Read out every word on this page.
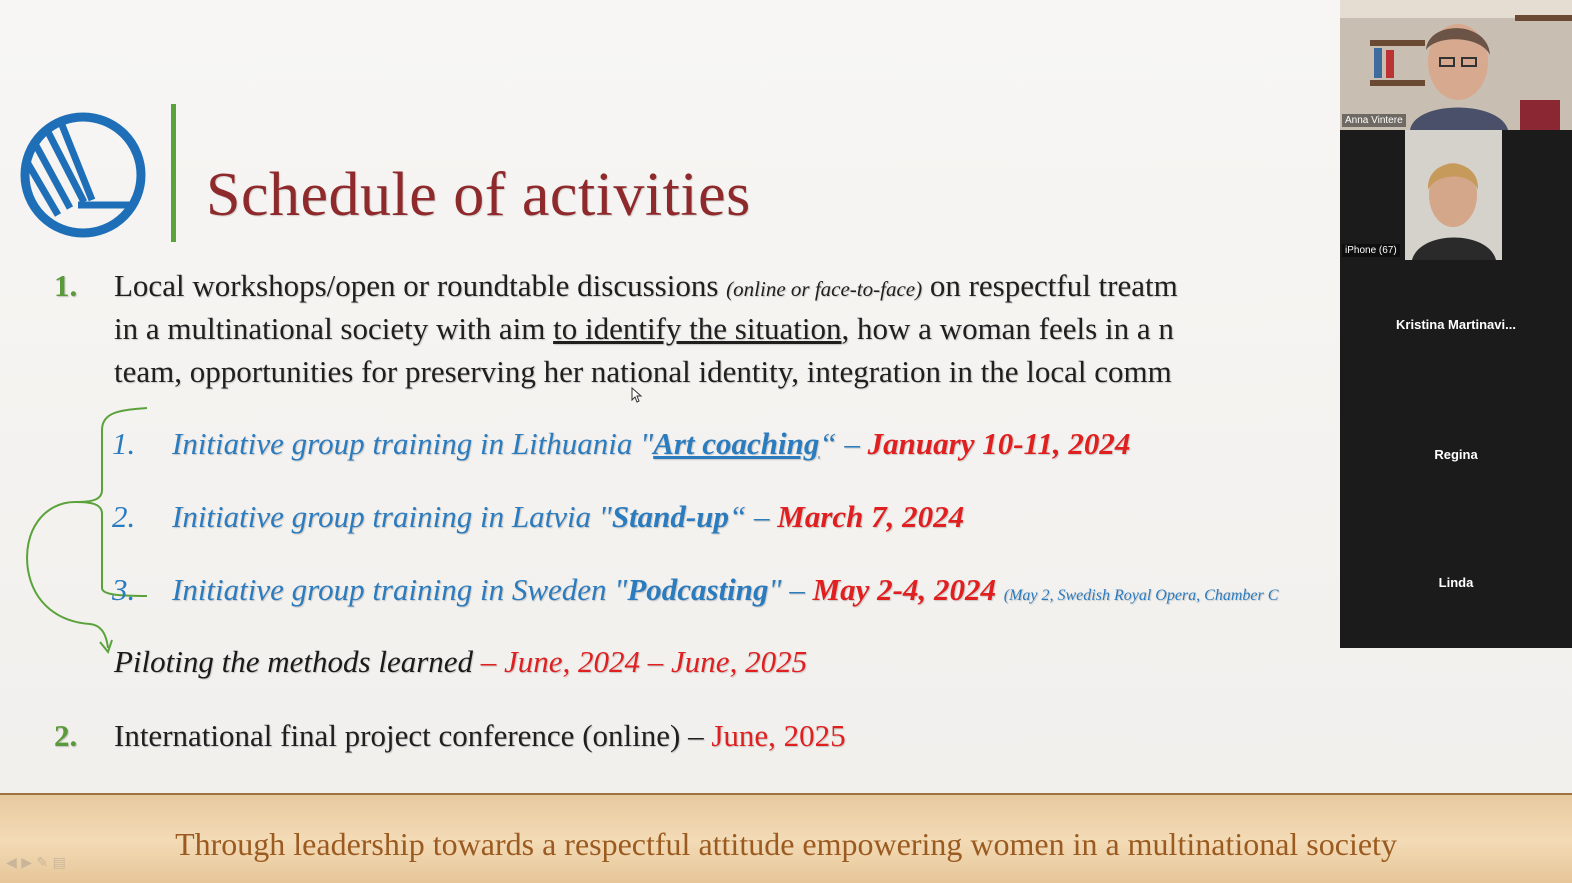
Schedule of activities
1. Local workshops/open or roundtable discussions (online or face-to-face) on respectful treatm
in a multinational society with aim to identify the situation, how a woman feels in a n
team, opportunities for preserving her national identity, integration in the local comm
1. Initiative group training in Lithuania "Art coaching“ – January 10-11, 2024
2. Initiative group training in Latvia "Stand-up“ – March 7, 2024
3. Initiative group training in Sweden "Podcasting" – May 2-4, 2024 (May 2, Swedish Royal Opera, Chamber C
Piloting the methods learned – June, 2024 – June, 2025
2. International final project conference (online) – June, 2025
Through leadership towards a respectful attitude empowering women in a multinational society
◀ ▶ ✎ ▤
Anna Vintere
iPhone (67)
Kristina Martinavi...
Regina
Linda
